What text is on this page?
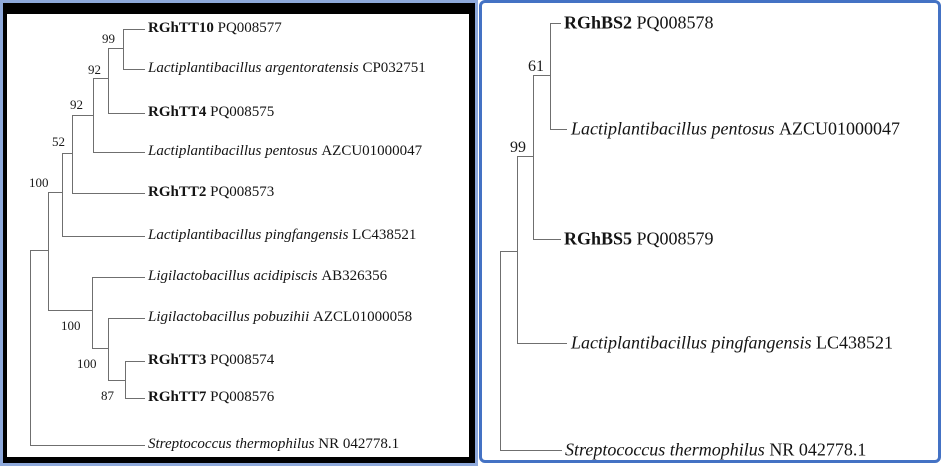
RGhTT10 PQ008577
Lactiplantibacillus argentoratensis CP032751
RGhTT4 PQ008575
Lactiplantibacillus pentosus AZCU01000047
RGhTT2 PQ008573
Lactiplantibacillus pingfangensis LC438521
Ligilactobacillus acidipiscis AB326356
Ligilactobacillus pobuzihii AZCL01000058
RGhTT3 PQ008574
RGhTT7 PQ008576
Streptococcus thermophilus NR 042778.1
99
92
92
52
100
100
100
87
RGhBS2 PQ008578
Lactiplantibacillus pentosus AZCU01000047
RGhBS5 PQ008579
Lactiplantibacillus pingfangensis LC438521
Streptococcus thermophilus NR 042778.1
61
99
